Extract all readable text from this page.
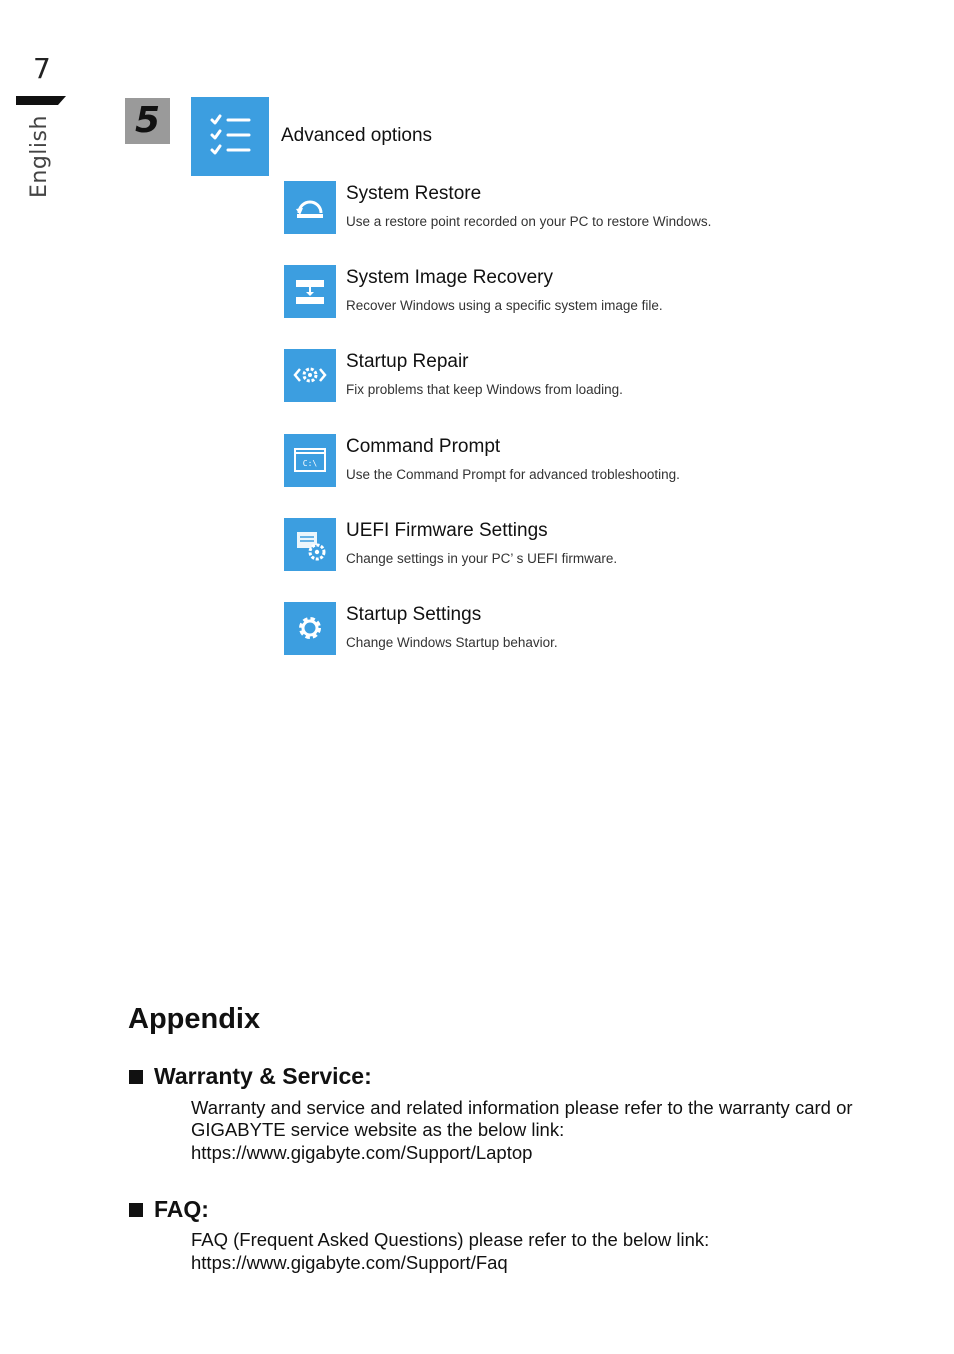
7
English 5	Advanced options
System Restore
Use a restore point recorded on your PC to restore Windows.
System Image Recovery
Recover Windows using a specific system image file.
Startup Repair
Fix problems that keep Windows from loading.
C:\
Command Prompt
Use the Command Prompt for advanced trobleshooting.
UEFI Firmware Settings
Change settings in your PC’ s UEFI firmware.
Startup Settings
Change Windows Startup behavior.
Appendix
Warranty & Service:
Warranty and service and related information please refer to the warranty card or
GIGABYTE service website as the below link:
https://www.gigabyte.com/Support/Laptop
FAQ:
FAQ (Frequent Asked Questions) please refer to the below link:
https://www.gigabyte.com/Support/Faq
